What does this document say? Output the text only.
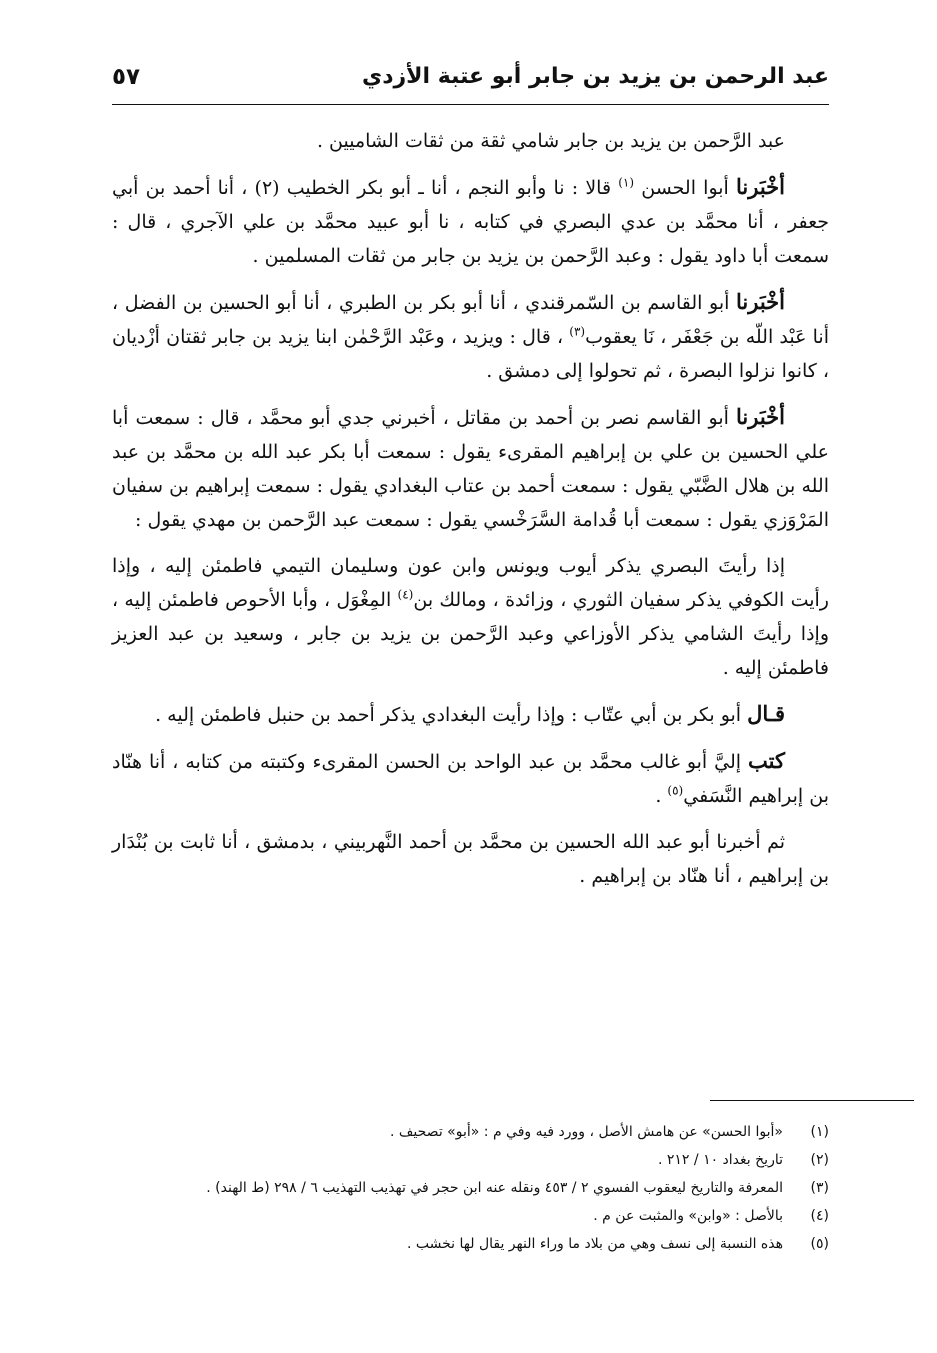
عبد الرحمن بن يزيد بن جابر أبو عتبة الأزدي
٥٧

عبد الرَّحمن بن يزيد بن جابر شامي ثقة من ثقات الشاميين .

أخْبَرنا أبوا الحسن $^{(١)}$ قالا : نا وأبو النجم ، أنا ـ أبو بكر الخطيب (٢) ، أنا أحمد بن أبي جعفر ، أنا محمَّد بن عدي البصري في كتابه ، نا أبو عبيد محمَّد بن علي الآجري ، قال : سمعت أبا داود يقول : وعبد الرَّحمن بن يزيد بن جابر من ثقات المسلمين .

أخْبَرنا أبو القاسم بن السّمرقندي ، أنا أبو بكر بن الطبري ، أنا أبو الحسين بن الفضل ، أنا عَبْد اللّه بن جَعْفَر ، نَا يعقوب$^{(٣)}$ ، قال : ويزيد ، وعَبْد الرَّحْمٰن ابنا يزيد بن جابر ثقتان أزْديان ، كانوا نزلوا البصرة ، ثم تحولوا إلى دمشق .

أخْبَرنا أبو القاسم نصر بن أحمد بن مقاتل ، أخبرني جدي أبو محمَّد ، قال : سمعت أبا علي الحسين بن علي بن إبراهيم المقرىء يقول : سمعت أبا بكر عبد الله بن محمَّد بن عبد الله بن هلال الضَّبّي يقول : سمعت أحمد بن عتاب البغدادي يقول : سمعت إبراهيم بن سفيان المَرْوَزي يقول : سمعت أبا قُدامة السَّرَخْسي يقول : سمعت عبد الرَّحمن بن مهدي يقول :

إذا رأيتَ البصري يذكر أيوب ويونس وابن عون وسليمان التيمي فاطمئن إليه ، وإذا رأيت الكوفي يذكر سفيان الثوري ، وزائدة ، ومالك بن$^{(٤)}$ المِغْوَل ، وأبا الأحوص فاطمئن إليه ، وإذا رأيتَ الشامي يذكر الأوزاعي وعبد الرَّحمن بن يزيد بن جابر ، وسعيد بن عبد العزيز فاطمئن إليه .

قـال أبو بكر بن أبي عتّاب : وإذا رأيت البغدادي يذكر أحمد بن حنبل فاطمئن إليه .

كتب إليَّ أبو غالب محمَّد بن عبد الواحد بن الحسن المقرىء وكتبته من كتابه ، أنا هنّاد بن إبراهيم النَّسَفي$^{(٥)}$ .

ثم أخبرنا أبو عبد الله الحسين بن محمَّد بن أحمد النَّهربيني ، بدمشق ، أنا ثابت بن بُنْدَار بن إبراهيم ، أنا هنّاد بن إبراهيم .

(١)
«أبوا الحسن» عن هامش الأصل ، وورد فيه وفي م : «أبو» تصحيف .
(٢)
تاريخ بغداد ١٠ / ٢١٢ .
(٣)
المعرفة والتاريخ ليعقوب الفسوي ٢ / ٤٥٣ ونقله عنه ابن حجر في تهذيب التهذيب ٦ / ٢٩٨ (ط الهند) .
(٤)
بالأصل : «وابن» والمثبت عن م .
(٥)
هذه النسبة إلى نسف وهي من بلاد ما وراء النهر يقال لها نخشب .
